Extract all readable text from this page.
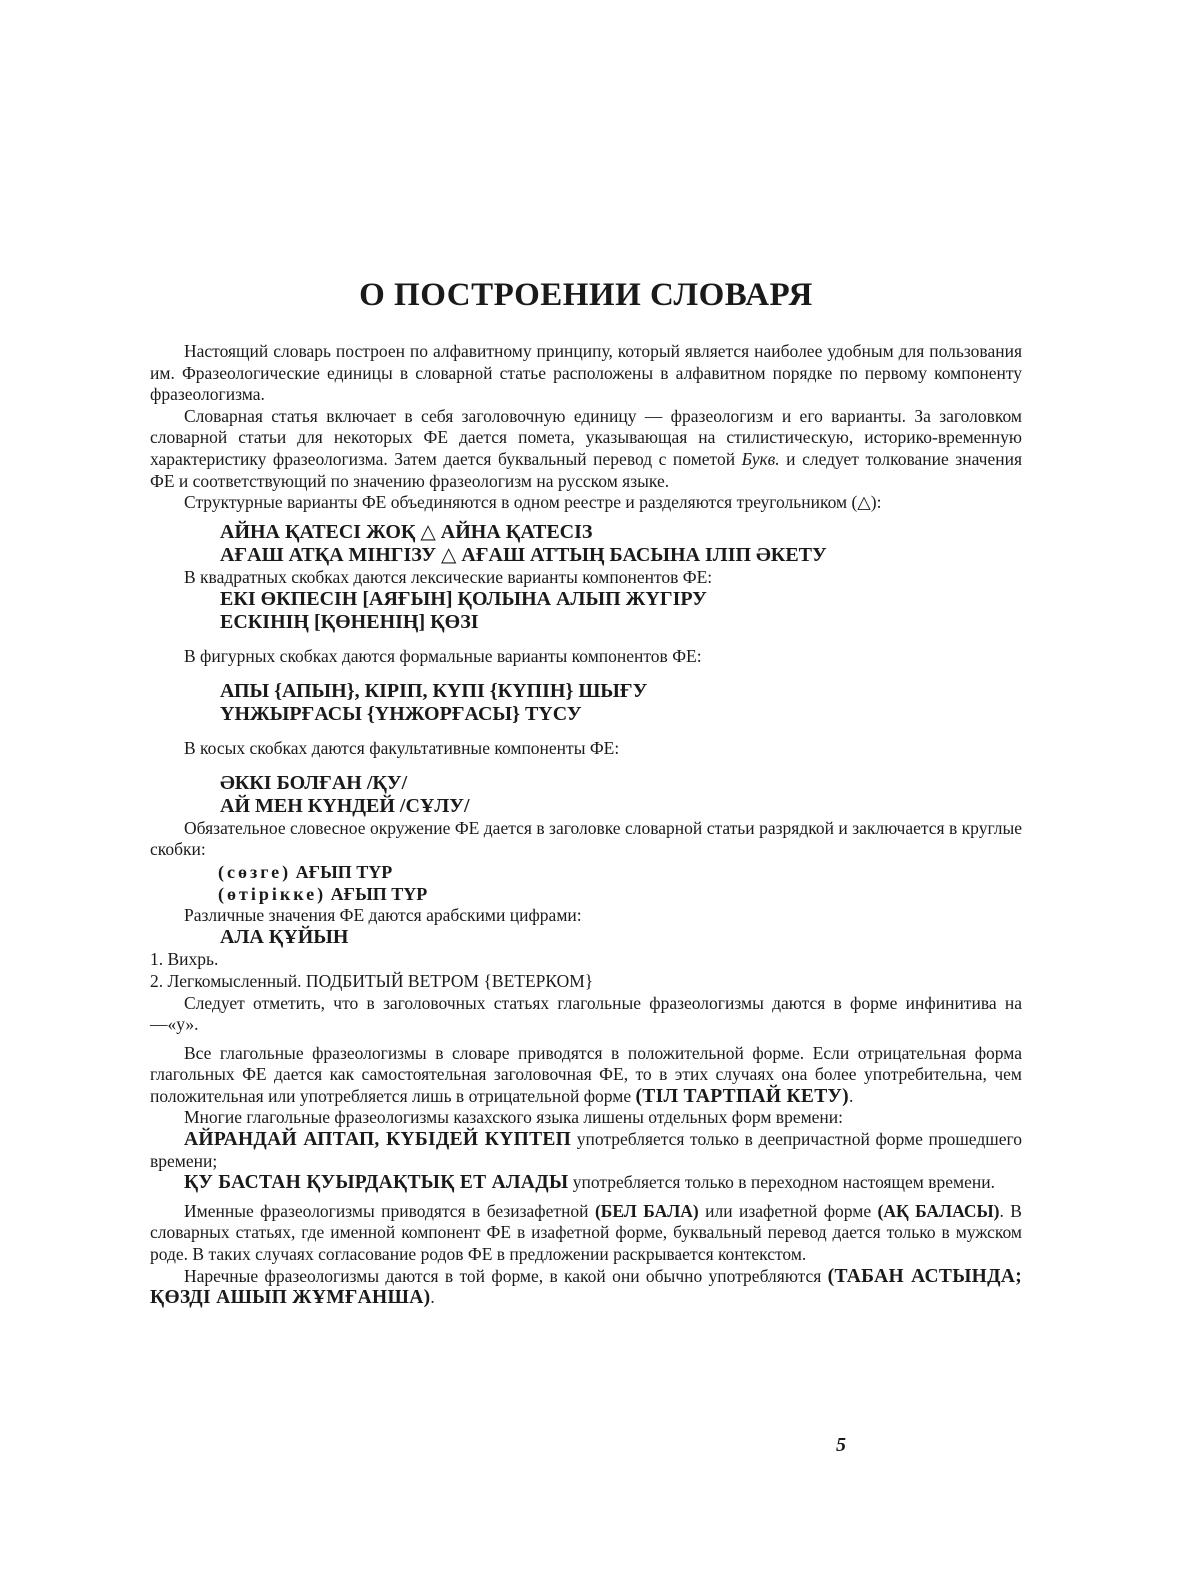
О ПОСТРОЕНИИ СЛОВАРЯ

Настоящий словарь построен по алфавитному принципу, который является наиболее удобным для пользования им. Фразеологические единицы в словарной статье расположены в алфавитном порядке по первому компоненту фразеологизма.

Словарная статья включает в себя заголовочную единицу — фразеологизм и его варианты. За заголовком словарной статьи для некоторых ФЕ дается помета, указывающая на стилистическую, историко-временную характеристику фразеологизма. Затем дается буквальный перевод с пометой Букв. и следует толкование значения ФЕ и соответствующий по значению фразеологизм на русском языке.

Структурные варианты ФЕ объединяются в одном реестре и разделяются треугольником (△):

АЙНА ҚАТЕСІ ЖОҚ △ АЙНА ҚАТЕСІЗ

АҒАШ АТҚА МІНГІЗУ △ АҒАШ АТТЫҢ БАСЫНА ІЛІП ӘКЕТУ

В квадратных скобках даются лексические варианты компонентов ФЕ:

ЕКІ ӨКПЕСІН [АЯҒЫН] ҚОЛЫНА АЛЫП ЖҮГІРУ

ЕСКІНІҢ [ҚӨНЕНІҢ] ҚӨЗІ

В фигурных скобках даются формальные варианты компонентов ФЕ:

АПЫ {АПЫН}, КІРІП, КҮПІ {КҮПІН} ШЫҒУ

ҮНЖЫРҒАСЫ {ҮНЖОРҒАСЫ} ТҮСУ

В косых скобках даются факультативные компоненты ФЕ:

ӘККІ БОЛҒАН /ҚУ/

АЙ МЕН КҮНДЕЙ /СҰЛУ/

Обязательное словесное окружение ФЕ дается в заголовке словарной статьи разрядкой и заключается в круглые скобки:

(сөзге) АҒЫП ТҮР

(өтірікке) АҒЫП ТҮР

Различные значения ФЕ даются арабскими цифрами:

АЛА ҚҰЙЫН

1. Вихрь.

2. Легкомысленный. ПОДБИТЫЙ ВЕТРОМ {ВЕТЕРКОМ}

Следует отметить, что в заголовочных статьях глагольные фразеологизмы даются в форме инфинитива на —«у».

Все глагольные фразеологизмы в словаре приводятся в положительной форме. Если отрицательная форма глагольных ФЕ дается как самостоятельная заголовочная ФЕ, то в этих случаях она более употребительна, чем положительная или употребляется лишь в отрицательной форме (ТІЛ ТАРТПАЙ КЕТУ).

Многие глагольные фразеологизмы казахского языка лишены отдельных форм времени:

АЙРАНДАЙ АПТАП, КҮБІДЕЙ КҮПТЕП употребляется только в деепричастной форме прошедшего времени;

ҚУ БАСТАН ҚУЫРДАҚТЫҚ ЕТ АЛАДЫ употребляется только в переходном настоящем времени.

Именные фразеологизмы приводятся в безизафетной (БЕЛ БАЛА) или изафетной форме (АҚ БАЛАСЫ). В словарных статьях, где именной компонент ФЕ в изафетной форме, буквальный перевод дается только в мужском роде. В таких случаях согласование родов ФЕ в предложении раскрывается контекстом.

Наречные фразеологизмы даются в той форме, в какой они обычно употребляются (ТАБАН АСТЫНДА; ҚӨЗДІ АШЫП ЖҰМҒАНША).

5
